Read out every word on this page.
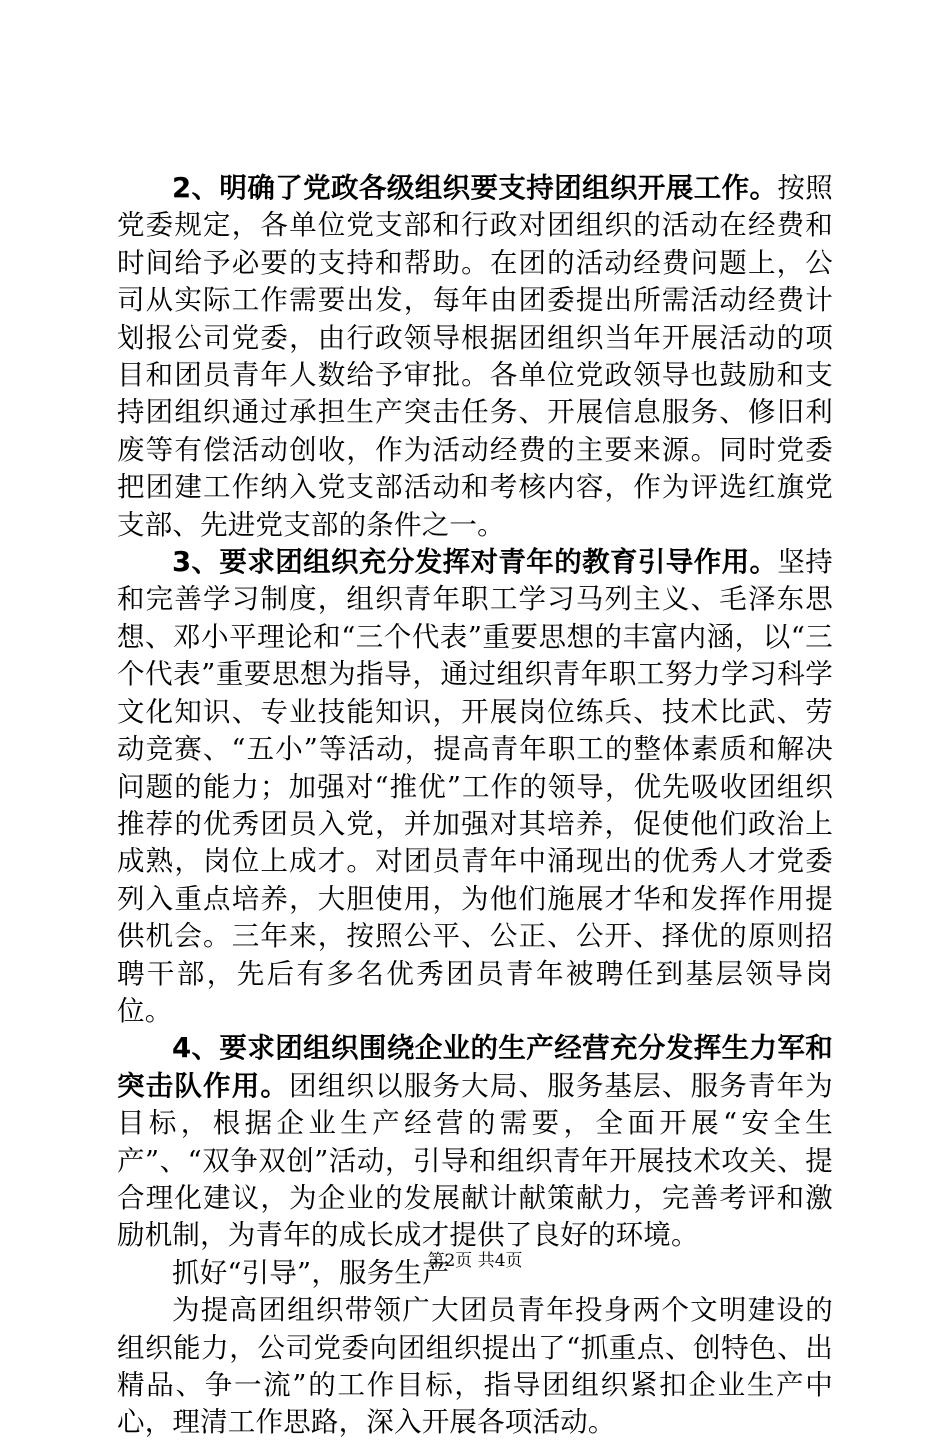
2、明确了党政各级组织要支持团组织开展工作。按照党委规定，各单位党支部和行政对团组织的活动在经费和时间给予必要的支持和帮助。在团的活动经费问题上，公司从实际工作需要出发，每年由团委提出所需活动经费计划报公司党委，由行政领导根据团组织当年开展活动的项目和团员青年人数给予审批。各单位党政领导也鼓励和支持团组织通过承担生产突击任务、开展信息服务、修旧利废等有偿活动创收，作为活动经费的主要来源。同时党委把团建工作纳入党支部活动和考核内容，作为评选红旗党支部、先进党支部的条件之一。

3、要求团组织充分发挥对青年的教育引导作用。坚持和完善学习制度，组织青年职工学习马列主义、毛泽东思想、邓小平理论和“三个代表”重要思想的丰富内涵，以“三个代表”重要思想为指导，通过组织青年职工努力学习科学文化知识、专业技能知识，开展岗位练兵、技术比武、劳动竞赛、“五小”等活动，提高青年职工的整体素质和解决问题的能力；加强对“推优”工作的领导，优先吸收团组织推荐的优秀团员入党，并加强对其培养，促使他们政治上成熟，岗位上成才。对团员青年中涌现出的优秀人才党委列入重点培养，大胆使用，为他们施展才华和发挥作用提供机会。三年来，按照公平、公正、公开、择优的原则招聘干部，先后有多名优秀团员青年被聘任到基层领导岗位。

4、要求团组织围绕企业的生产经营充分发挥生力军和突击队作用。团组织以服务大局、服务基层、服务青年为目标，根据企业生产经营的需要，全面开展“安全生产”、“双争双创”活动，引导和组织青年开展技术攻关、提合理化建议，为企业的发展献计献策献力，完善考评和激励机制，为青年的成长成才提供了良好的环境。

抓好“引导”，服务生产

为提高团组织带领广大团员青年投身两个文明建设的组织能力，公司党委向团组织提出了“抓重点、创特色、出精品、争一流”的工作目标，指导团组织紧扣企业生产中心，理清工作思路，深入开展各项活动。

第2页 共4页
